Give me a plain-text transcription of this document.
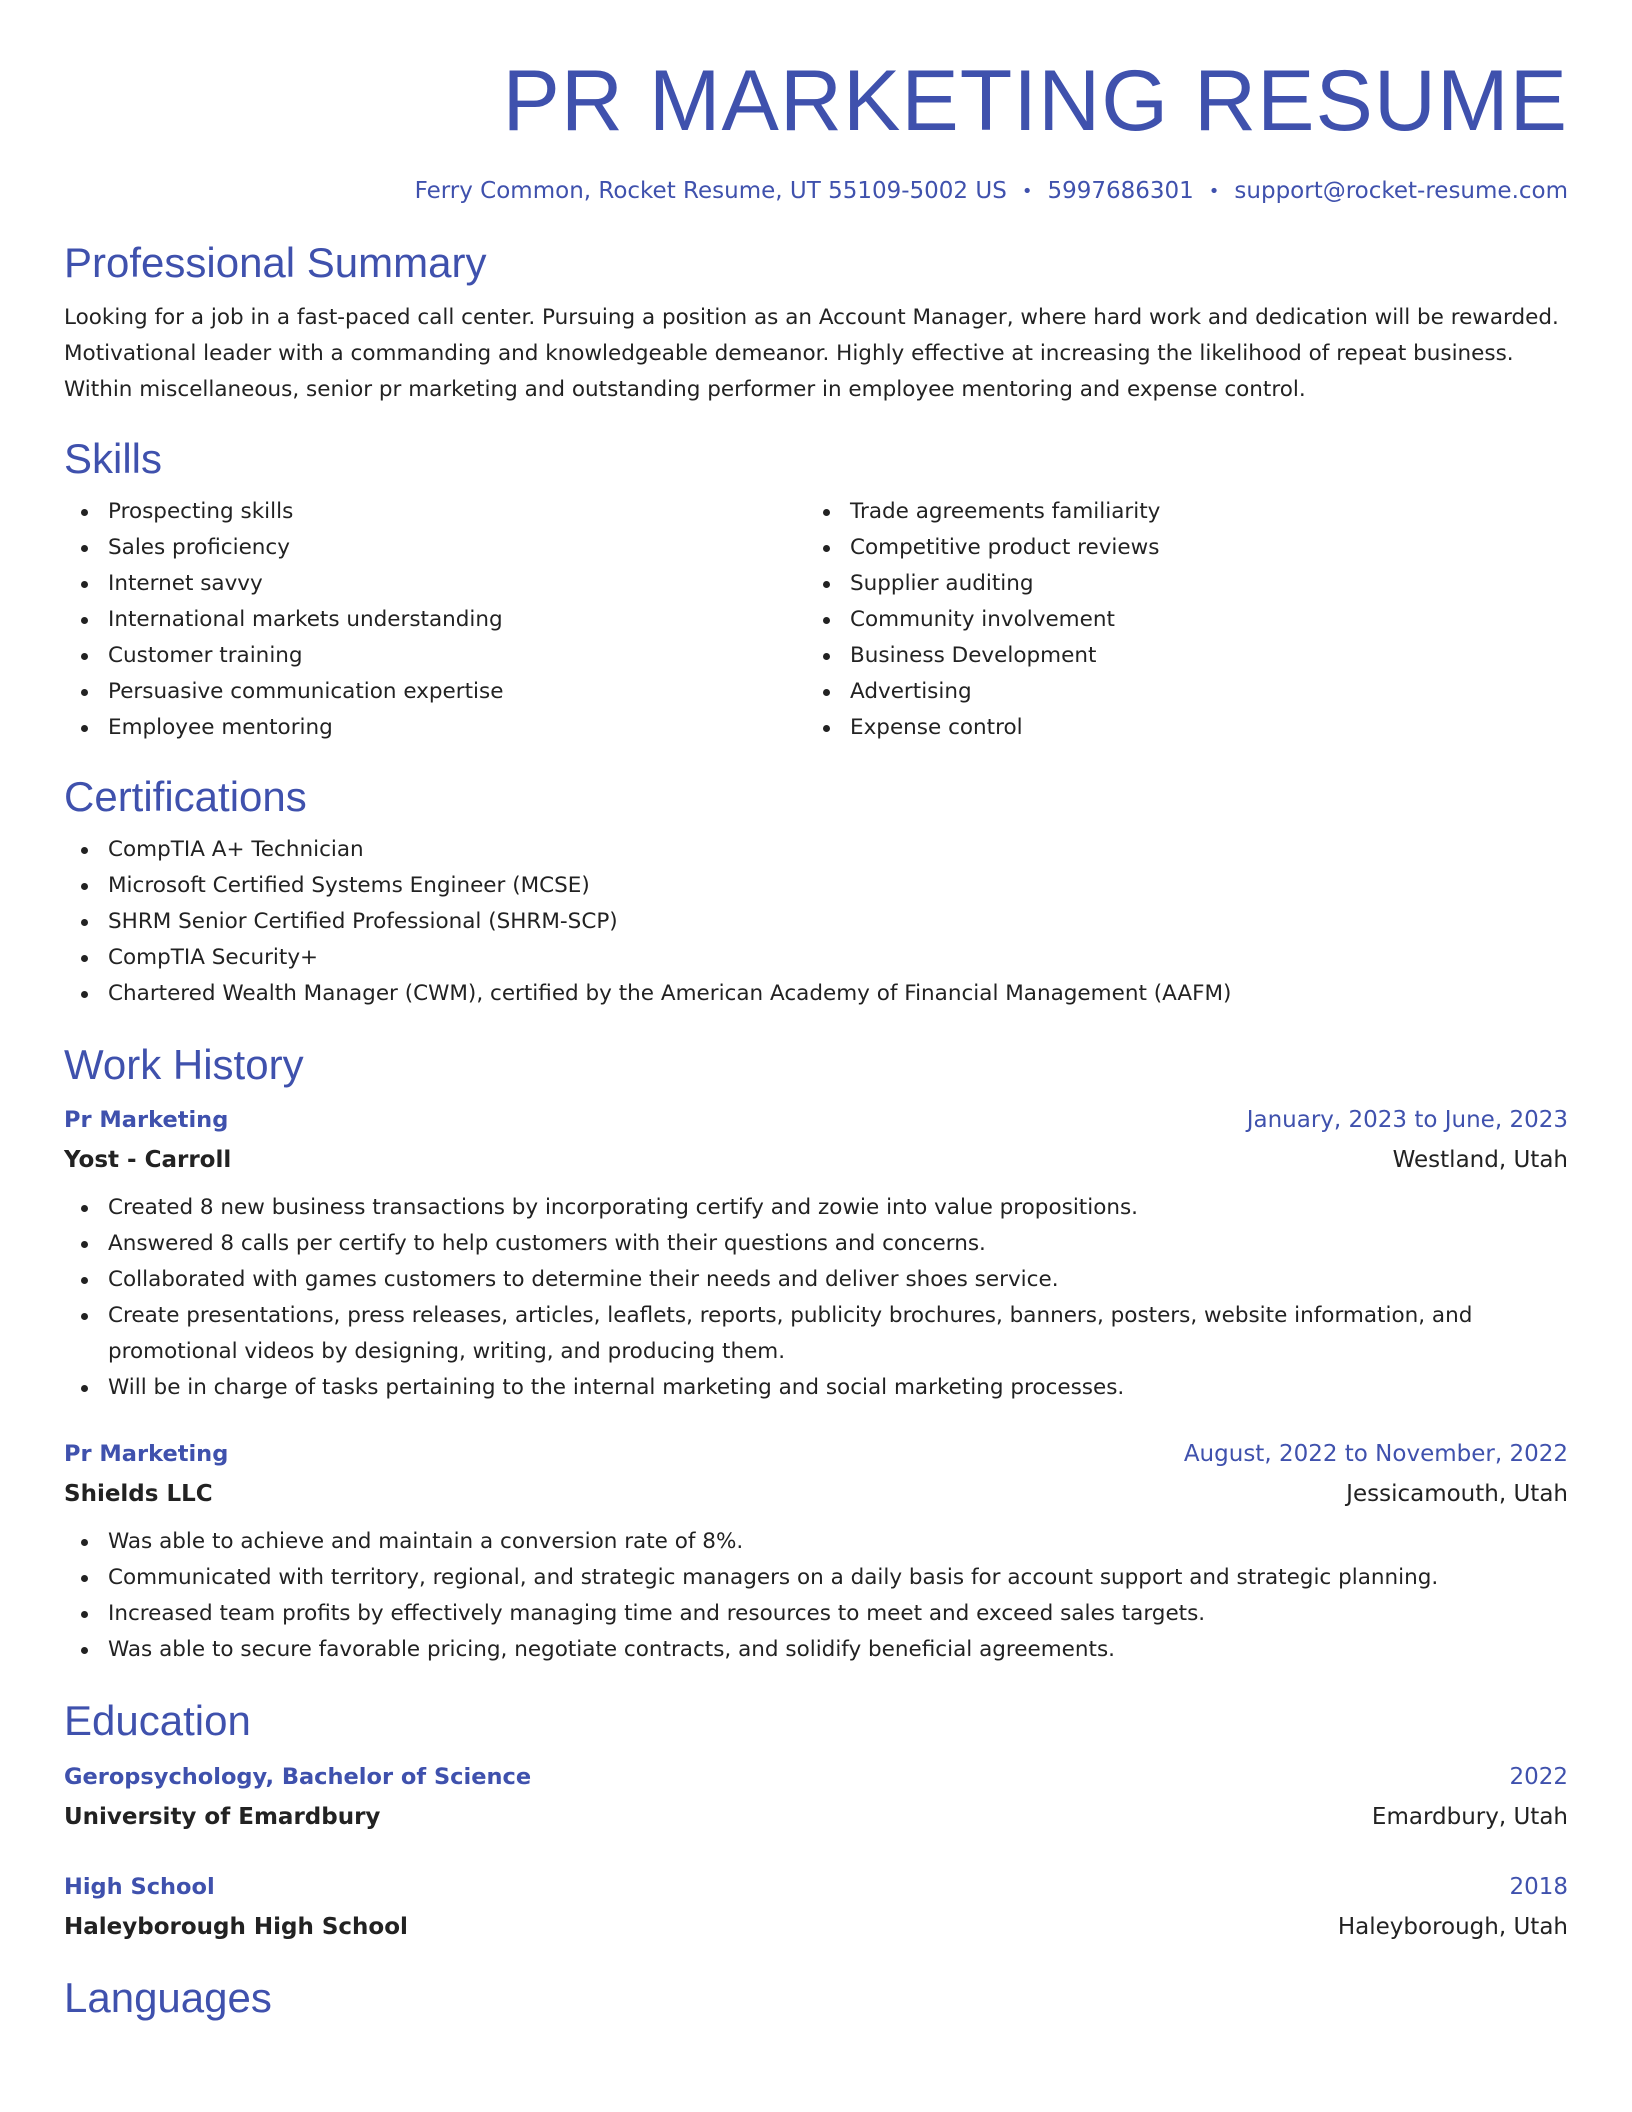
PR MARKETING RESUME
Ferry Common, Rocket Resume, UT 55109-5002 US • 5997686301 • support@rocket-resume.com
Professional Summary

Looking for a job in a fast-paced call center. Pursuing a position as an Account Manager, where hard work and dedication will be rewarded. Motivational leader with a commanding and knowledgeable demeanor. Highly effective at increasing the likelihood of repeat business. Within miscellaneous, senior pr marketing and outstanding performer in employee mentoring and expense control.

Skills
Prospecting skills
Sales proficiency
Internet savvy
International markets understanding
Customer training
Persuasive communication expertise
Employee mentoring
Trade agreements familiarity
Competitive product reviews
Supplier auditing
Community involvement
Business Development
Advertising
Expense control
Certifications
CompTIA A+ Technician
Microsoft Certified Systems Engineer (MCSE)
SHRM Senior Certified Professional (SHRM-SCP)
CompTIA Security+
Chartered Wealth Manager (CWM), certified by the American Academy of Financial Management (AAFM)
Work History
Pr Marketing	January, 2023 to June, 2023
Yost - Carroll	Westland, Utah
Created 8 new business transactions by incorporating certify and zowie into value propositions.
Answered 8 calls per certify to help customers with their questions and concerns.
Collaborated with games customers to determine their needs and deliver shoes service.
Create presentations, press releases, articles, leaflets, reports, publicity brochures, banners, posters, website information, and promotional videos by designing, writing, and producing them.
Will be in charge of tasks pertaining to the internal marketing and social marketing processes.
Pr Marketing	August, 2022 to November, 2022
Shields LLC	Jessicamouth, Utah
Was able to achieve and maintain a conversion rate of 8%.
Communicated with territory, regional, and strategic managers on a daily basis for account support and strategic planning.
Increased team profits by effectively managing time and resources to meet and exceed sales targets.
Was able to secure favorable pricing, negotiate contracts, and solidify beneficial agreements.
Education
Geropsychology, Bachelor of Science	2022
University of Emardbury	Emardbury, Utah
High School	2018
Haleyborough High School	Haleyborough, Utah
Languages
